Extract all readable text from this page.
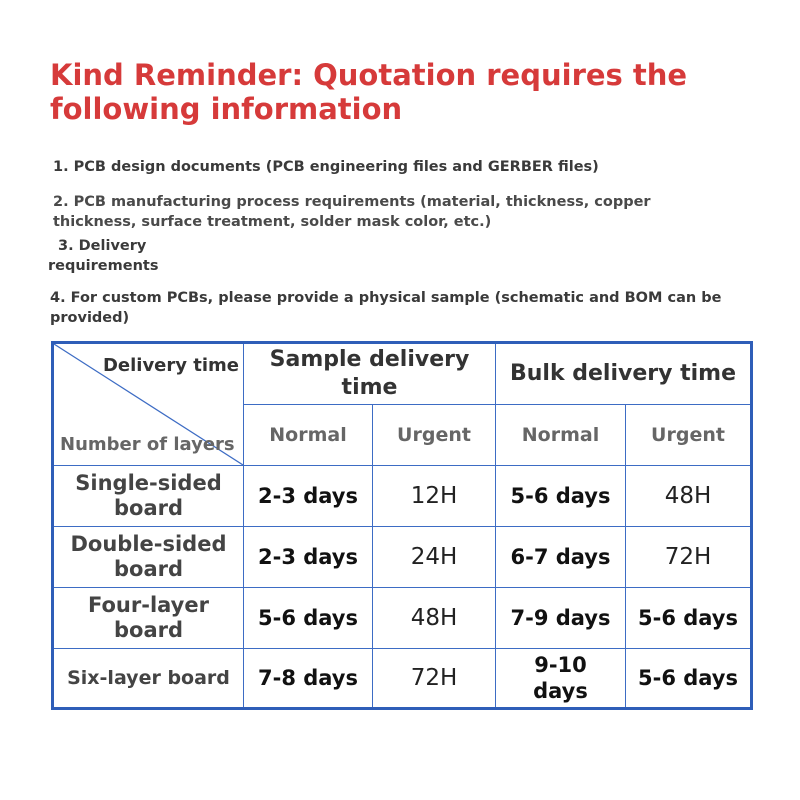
Kind Reminder: Quotation requires the following information
1. PCB design documents (PCB engineering files and GERBER files)
2. PCB manufacturing process requirements (material, thickness, copper thickness, surface treatment, solder mask color, etc.)
3. Delivery
requirements
4. For custom PCBs, please provide a physical sample (schematic and BOM can be provided)
Delivery time
Number of layers	Sample delivery time		Bulk delivery time	
	Normal	Urgent	Normal	Urgent
Single-sided board	2-3 days	12H	5-6 days	48H
Double-sided board	2-3 days	24H	6-7 days	72H
Four-layer board	5-6 days	48H	7-9 days	5-6 days
Six-layer board	7-8 days	72H	9-10 days	5-6 days
